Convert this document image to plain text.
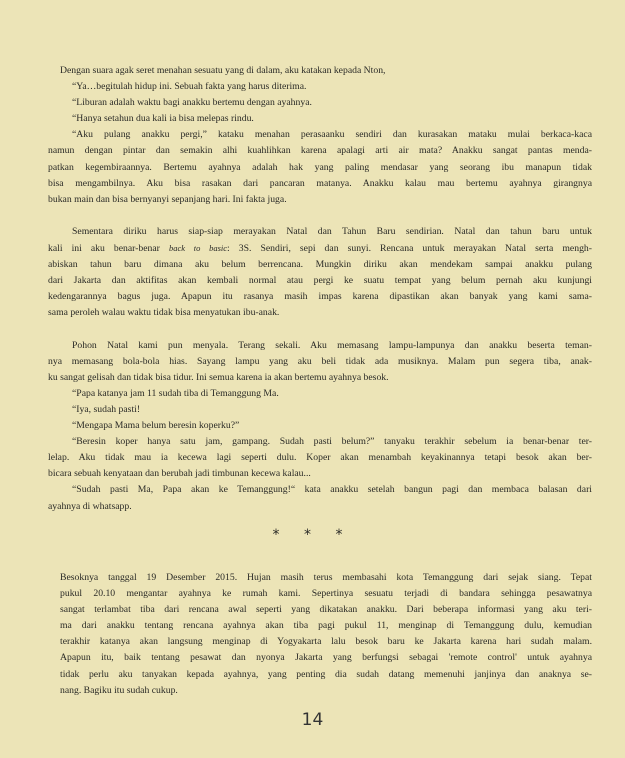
Dengan suara agak seret menahan sesuatu yang di dalam, aku katakan kepada Nton,

“Ya…begitulah hidup ini. Sebuah fakta yang harus diterima.

“Liburan adalah waktu bagi anakku bertemu dengan ayahnya.

“Hanya setahun dua kali ia bisa melepas rindu.

“Aku pulang anakku pergi,” kataku menahan perasaanku sendiri dan kurasakan mataku mulai berkaca-kaca
namun dengan pintar dan semakin alhi kuahlihkan karena apalagi arti air mata? Anakku sangat pantas menda-
patkan kegembiraannya. Bertemu ayahnya adalah hak yang paling mendasar yang seorang ibu manapun tidak
bisa mengambilnya. Aku bisa rasakan dari pancaran matanya. Anakku kalau mau bertemu ayahnya girangnya
bukan main dan bisa bernyanyi sepanjang hari. Ini fakta juga.

Sementara diriku harus siap-siap merayakan Natal dan Tahun Baru sendirian. Natal dan tahun baru untuk
kali ini aku benar-benar back to basic: 3S. Sendiri, sepi dan sunyi. Rencana untuk merayakan Natal serta mengh-
abiskan tahun baru dimana aku belum berrencana. Mungkin diriku akan mendekam sampai anakku pulang
dari Jakarta dan aktifitas akan kembali normal atau pergi ke suatu tempat yang belum pernah aku kunjungi
kedengarannya bagus juga. Apapun itu rasanya masih impas karena dipastikan akan banyak yang kami sama-
sama peroleh walau waktu tidak bisa menyatukan ibu-anak.

Pohon Natal kami pun menyala. Terang sekali. Aku memasang lampu-lampunya dan anakku beserta teman-
nya memasang bola-bola hias. Sayang lampu yang aku beli tidak ada musiknya. Malam pun segera tiba, anak-
ku sangat gelisah dan tidak bisa tidur. Ini semua karena ia akan bertemu ayahnya besok.

“Papa katanya jam 11 sudah tiba di Temanggung Ma.

“Iya, sudah pasti!

“Mengapa Mama belum beresin koperku?”

“Beresin koper hanya satu jam, gampang. Sudah pasti belum?” tanyaku terakhir sebelum ia benar-benar ter-
lelap. Aku tidak mau ia kecewa lagi seperti dulu. Koper akan menambah keyakinannya tetapi besok akan ber-
bicara sebuah kenyataan dan berubah jadi timbunan kecewa kalau...

“Sudah pasti Ma, Papa akan ke Temanggung!“ kata anakku setelah bangun pagi dan membaca balasan dari
ayahnya di whatsapp.

* * *

Besoknya tanggal 19 Desember 2015. Hujan masih terus membasahi kota Temanggung dari sejak siang. Tepat
pukul 20.10 mengantar ayahnya ke rumah kami. Sepertinya sesuatu terjadi di bandara sehingga pesawatnya
sangat terlambat tiba dari rencana awal seperti yang dikatakan anakku. Dari beberapa informasi yang aku teri-
ma dari anakku tentang rencana ayahnya akan tiba pagi pukul 11, menginap di Temanggung dulu, kemudian
terakhir katanya akan langsung menginap di Yogyakarta lalu besok baru ke Jakarta karena hari sudah malam.
Apapun itu, baik tentang pesawat dan nyonya Jakarta yang berfungsi sebagai 'remote control' untuk ayahnya
tidak perlu aku tanyakan kepada ayahnya, yang penting dia sudah datang memenuhi janjinya dan anaknya se-
nang. Bagiku itu sudah cukup.

14
